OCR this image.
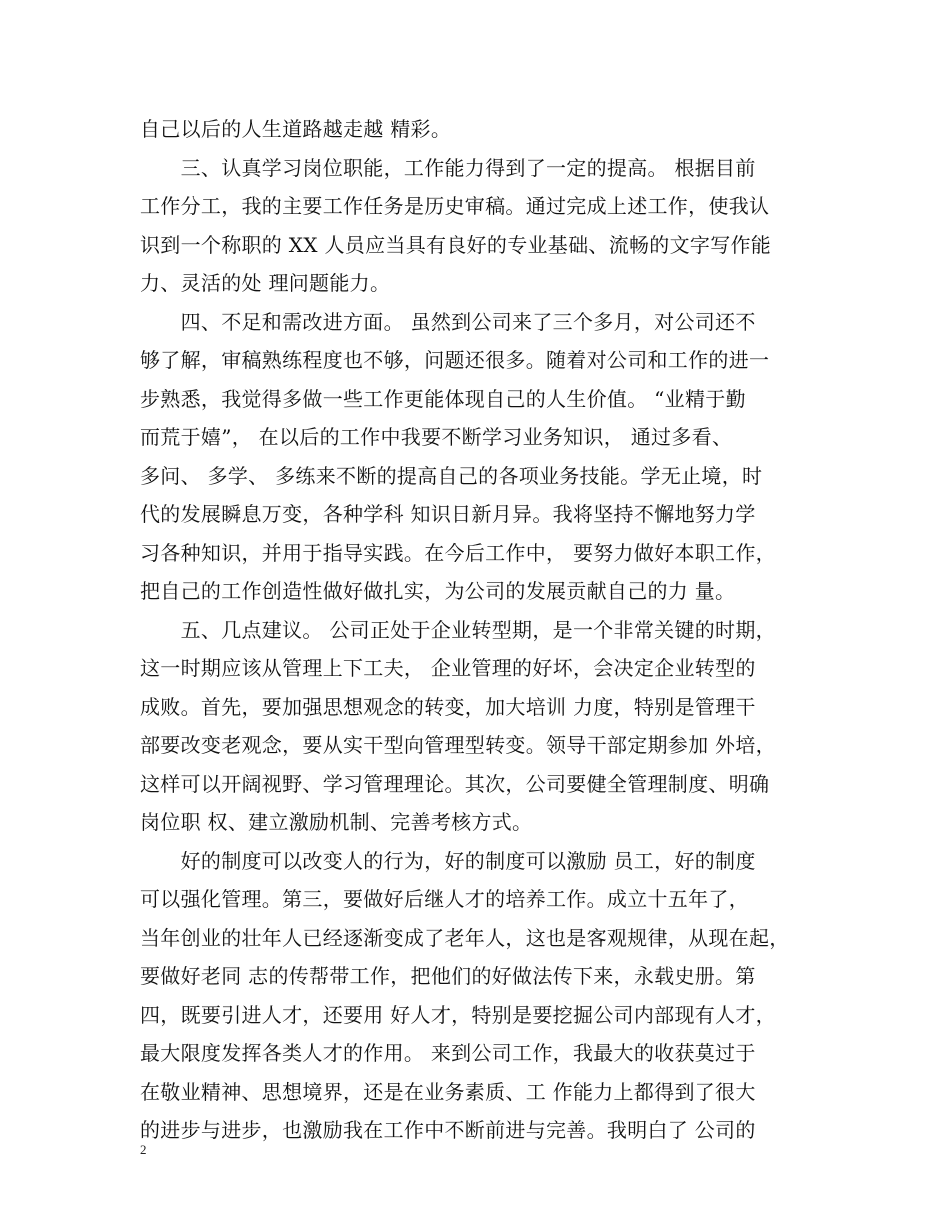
自己以后的人生道路越走越 精彩。
　　三、认真学习岗位职能，工作能力得到了一定的提高。 根据目前
工作分工，我的主要工作任务是历史审稿。通过完成上述工作，使我认
识到一个称职的 XX 人员应当具有良好的专业基础、流畅的文字写作能
力、灵活的处 理问题能力。
　　四、不足和需改进方面。 虽然到公司来了三个多月，对公司还不
够了解，审稿熟练程度也不够，问题还很多。随着对公司和工作的进一
步熟悉，我觉得多做一些工作更能体现自己的人生价值。 “业精于勤
而荒于嬉”， 在以后的工作中我要不断学习业务知识， 通过多看、
多问、 多学、 多练来不断的提高自己的各项业务技能。学无止境，时
代的发展瞬息万变，各种学科 知识日新月异。我将坚持不懈地努力学
习各种知识，并用于指导实践。在今后工作中， 要努力做好本职工作，
把自己的工作创造性做好做扎实，为公司的发展贡献自己的力 量。
　　五、几点建议。 公司正处于企业转型期，是一个非常关键的时期，
这一时期应该从管理上下工夫， 企业管理的好坏，会决定企业转型的
成败。首先，要加强思想观念的转变，加大培训 力度，特别是管理干
部要改变老观念，要从实干型向管理型转变。领导干部定期参加 外培，
这样可以开阔视野、学习管理理论。其次，公司要健全管理制度、明确
岗位职 权、建立激励机制、完善考核方式。
　　好的制度可以改变人的行为，好的制度可以激励 员工，好的制度
可以强化管理。第三，要做好后继人才的培养工作。成立十五年了，
当年创业的壮年人已经逐渐变成了老年人，这也是客观规律，从现在起，
要做好老同 志的传帮带工作，把他们的好做法传下来，永载史册。第
四，既要引进人才，还要用 好人才，特别是要挖掘公司内部现有人才，
最大限度发挥各类人才的作用。 来到公司工作，我最大的收获莫过于
在敬业精神、思想境界，还是在业务素质、工 作能力上都得到了很大
的进步与进步，也激励我在工作中不断前进与完善。我明白了 公司的
2
